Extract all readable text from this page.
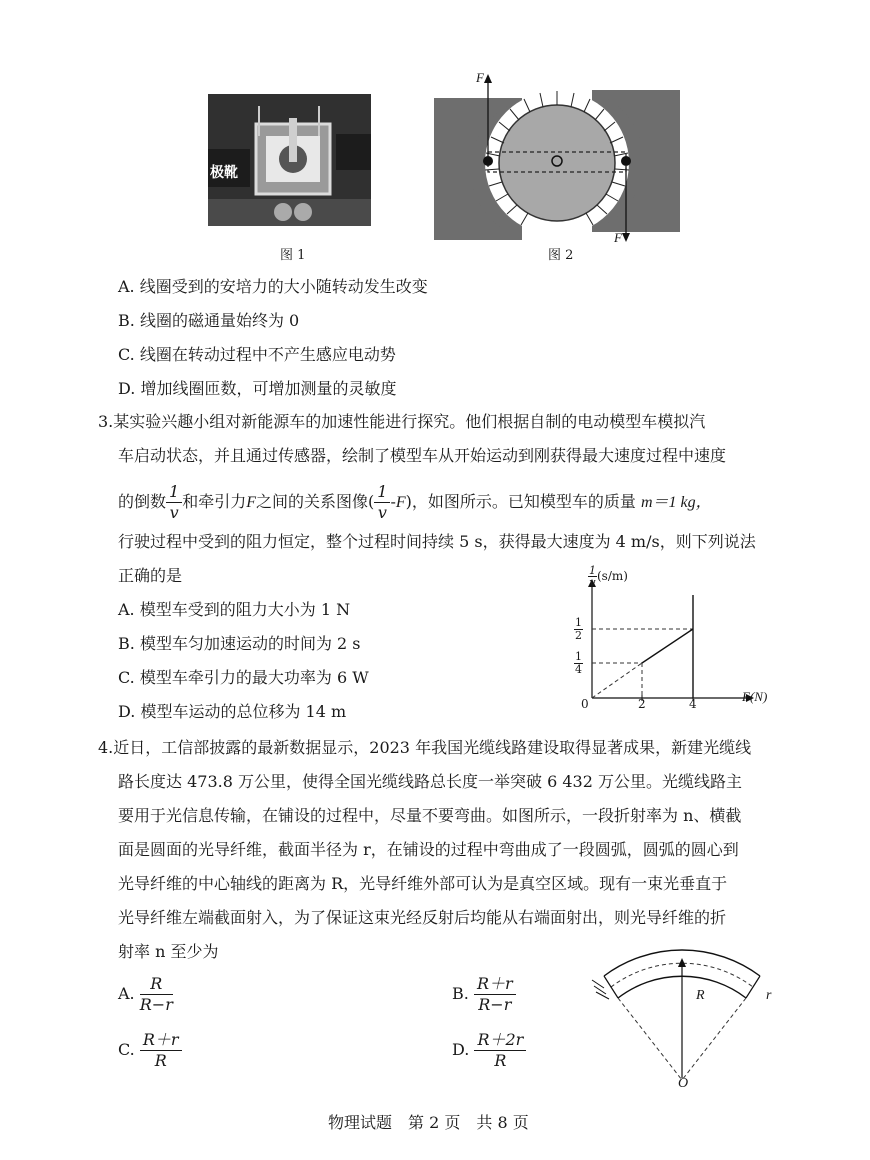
极靴
图 1
F
F
图 2
A. 线圈受到的安培力的大小随转动发生改变
B. 线圈的磁通量始终为 0
C. 线圈在转动过程中不产生感应电动势
D. 增加线圈匝数，可增加测量的灵敏度
3.某实验兴趣小组对新能源车的加速性能进行探究。他们根据自制的电动模型车模拟汽
车启动状态，并且通过传感器，绘制了模型车从开始运动到刚获得最大速度过程中速度
的倒数 $\frac{1}{v}$ 和牵引力F之间的关系图像( $\frac{1}{v} -F$)，如图所示。已知模型车的质量 m＝1 kg，
行驶过程中受到的阻力恒定，整个过程时间持续 5 s，获得最大速度为 4 m/s，则下列说法
正确的是
A. 模型车受到的阻力大小为 1 N
B. 模型车匀加速运动的时间为 2 s
C. 模型车牵引力的最大功率为 6 W
D. 模型车运动的总位移为 14 m
$\frac{1}{v} (s/m)$
F(N)
0	2	4
$\frac{1}{2}$
$\frac{1}{4}$
4.近日，工信部披露的最新数据显示，2023 年我国光缆线路建设取得显著成果，新建光缆线
路长度达 473.8 万公里，使得全国光缆线路总长度一举突破 6 432 万公里。光缆线路主
要用于光信息传输，在铺设的过程中，尽量不要弯曲。如图所示，一段折射率为 n、横截
面是圆面的光导纤维，截面半径为 r，在铺设的过程中弯曲成了一段圆弧，圆弧的圆心到
光导纤维的中心轴线的距离为 R，光导纤维外部可认为是真空区域。现有一束光垂直于
光导纤维左端截面射入，为了保证这束光经反射后均能从右端面射出，则光导纤维的折
射率 n 至少为
A. $\frac{R}{R-r}$	B. $\frac{R+r}{R-r}$
C. $\frac{R+r}{R}$	D. $\frac{R+2r}{R}$
R	r
O
物理试题　第 2 页　共 8 页
